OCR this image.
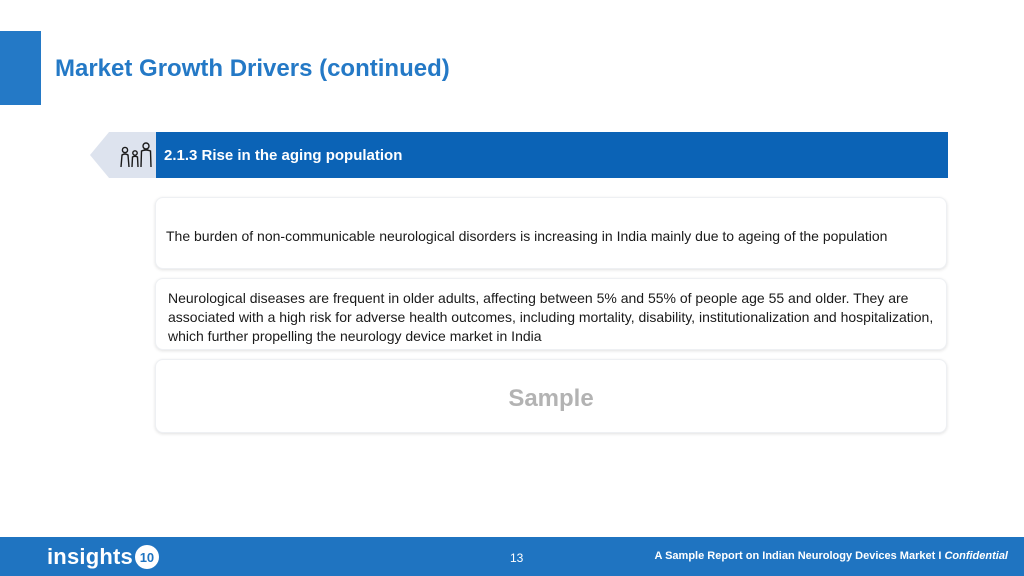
Market Growth Drivers (continued)
2.1.3 Rise in the aging population

The burden of non-communicable neurological disorders is increasing in India mainly due to ageing of the population

Neurological diseases are frequent in older adults, affecting between 5% and 55% of people age 55 and older. They are associated with a high risk for adverse health outcomes, including mortality, disability, institutionalization and hospitalization, which further propelling the neurology device market in India

Sample
insights 10	13	A Sample Report on Indian Neurology Devices Market I Confidential
